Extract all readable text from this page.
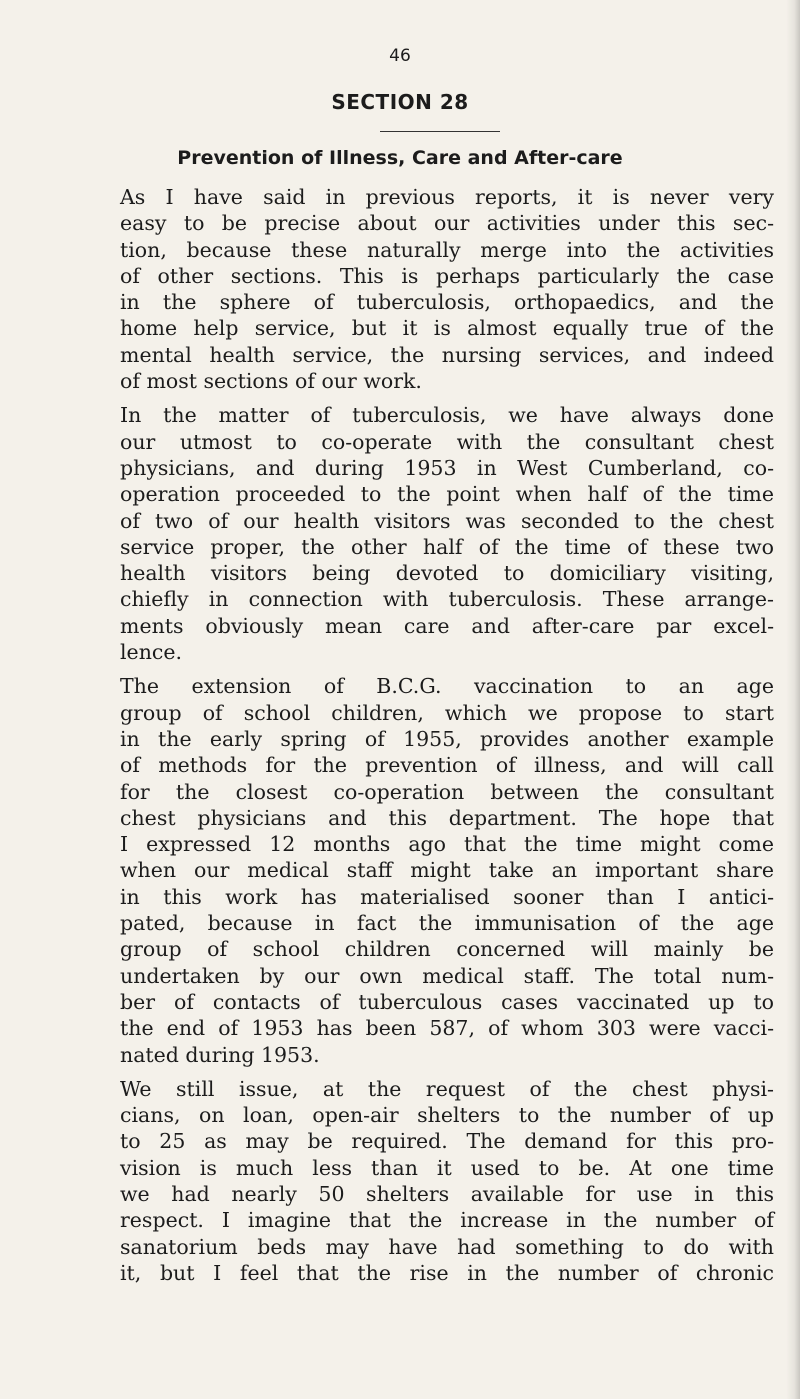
46
SECTION 28
Prevention of Illness, Care and After-care
As I have said in previous reports, it is never very
easy to be precise about our activities under this sec-
tion, because these naturally merge into the activities
of other sections. This is perhaps particularly the case
in the sphere of tuberculosis, orthopaedics, and the
home help service, but it is almost equally true of the
mental health service, the nursing services, and indeed
of most sections of our work.
In the matter of tuberculosis, we have always done
our utmost to co-operate with the consultant chest
physicians, and during 1953 in West Cumberland, co-
operation proceeded to the point when half of the time
of two of our health visitors was seconded to the chest
service proper, the other half of the time of these two
health visitors being devoted to domiciliary visiting,
chiefly in connection with tuberculosis. These arrange-
ments obviously mean care and after-care par excel-
lence.
The extension of B.C.G. vaccination to an age
group of school children, which we propose to start
in the early spring of 1955, provides another example
of methods for the prevention of illness, and will call
for the closest co-operation between the consultant
chest physicians and this department. The hope that
I expressed 12 months ago that the time might come
when our medical staff might take an important share
in this work has materialised sooner than I antici-
pated, because in fact the immunisation of the age
group of school children concerned will mainly be
undertaken by our own medical staff. The total num-
ber of contacts of tuberculous cases vaccinated up to
the end of 1953 has been 587, of whom 303 were vacci-
nated during 1953.
We still issue, at the request of the chest physi-
cians, on loan, open-air shelters to the number of up
to 25 as may be required. The demand for this pro-
vision is much less than it used to be. At one time
we had nearly 50 shelters available for use in this
respect. I imagine that the increase in the number of
sanatorium beds may have had something to do with
it, but I feel that the rise in the number of chronic
